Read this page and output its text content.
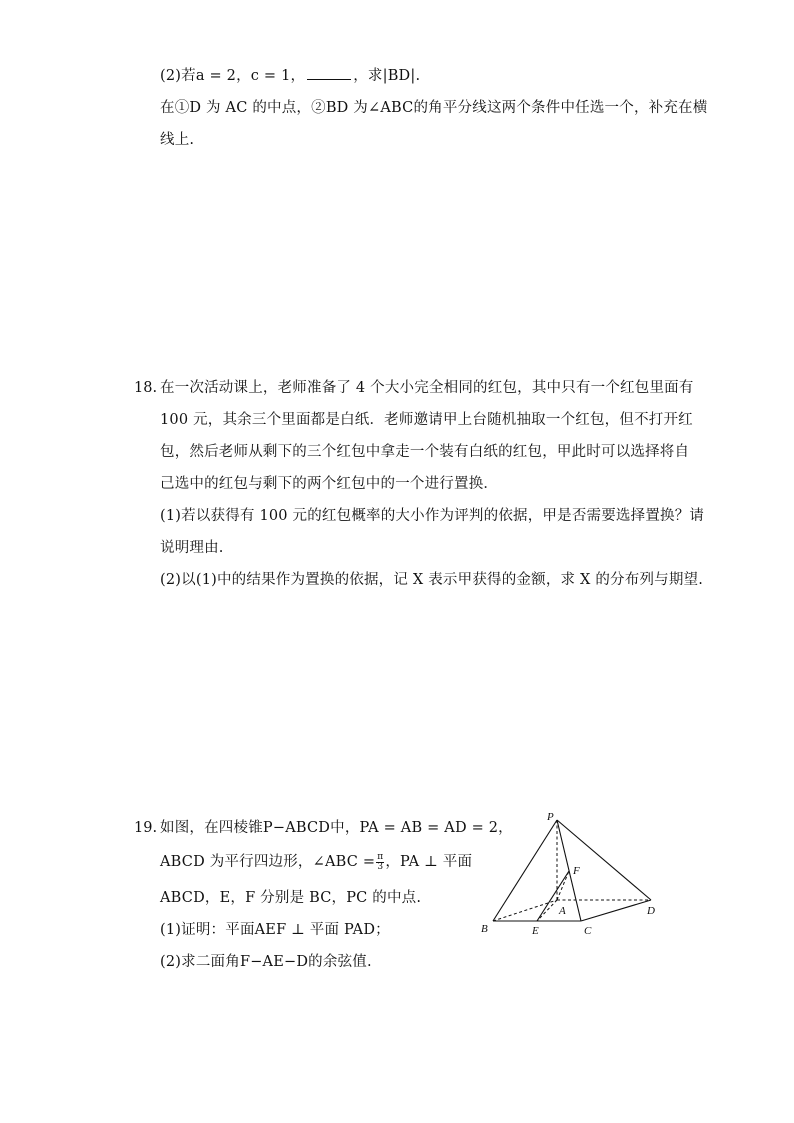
(2)若a = 2，c = 1，	，求|BD|.
在①D 为 AC 的中点，②BD 为∠ABC的角平分线这两个条件中任选一个，补充在横
线上.
18. 在一次活动课上，老师准备了 4 个大小完全相同的红包，其中只有一个红包里面有
100 元，其余三个里面都是白纸．老师邀请甲上台随机抽取一个红包，但不打开红
包，然后老师从剩下的三个红包中拿走一个装有白纸的红包，甲此时可以选择将自
己选中的红包与剩下的两个红包中的一个进行置换．
(1)若以获得有 100 元的红包概率的大小作为评判的依据，甲是否需要选择置换？请
说明理由.
(2)以(1)中的结果作为置换的依据，记 X 表示甲获得的金额，求 X 的分布列与期望.
19. 如图，在四棱锥P−ABCD中，PA = AB = AD = 2，
ABCD 为平行四边形，∠ABC = $\frac{\pi}{3}$ ，PA ⊥ 平面
ABCD，E，F 分别是 BC，PC 的中点.
(1)证明：平面AEF ⊥ 平面 PAD；
(2)求二面角F−AE−D的余弦值.
P
F
A
B	E	C
D
